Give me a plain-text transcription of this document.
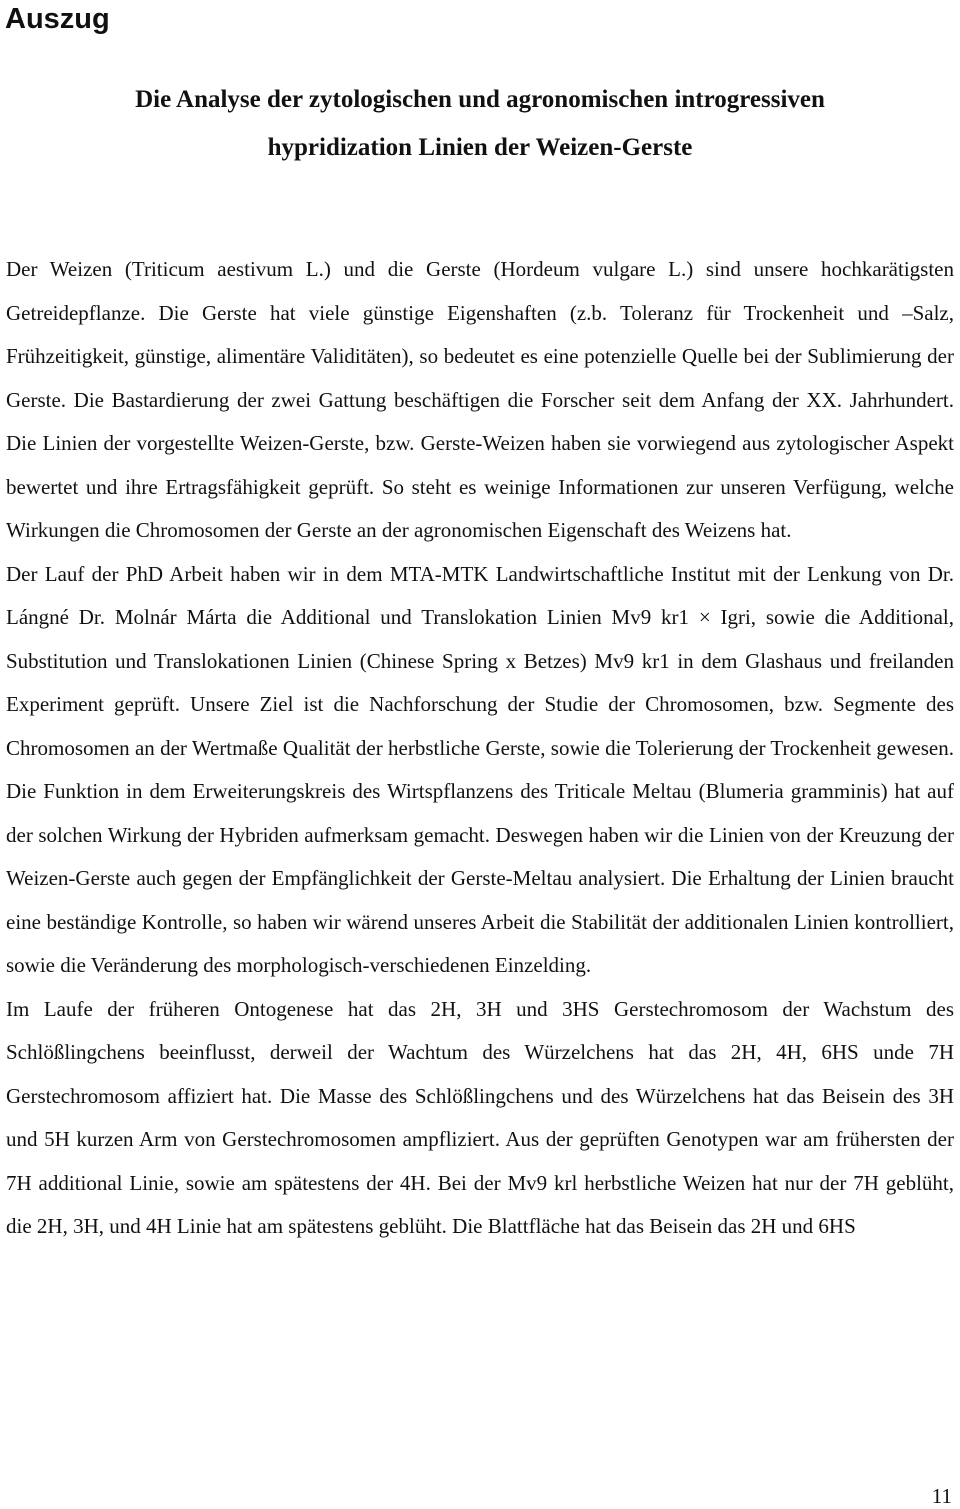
Auszug
Die Analyse der zytologischen und agronomischen introgressiven
hypridization Linien der Weizen-Gerste

Der Weizen (Triticum aestivum L.) und die Gerste (Hordeum vulgare L.) sind unsere hochkarätigsten Getreidepflanze. Die Gerste hat viele günstige Eigenshaften (z.b. Toleranz für Trockenheit und –Salz, Frühzeitigkeit, günstige, alimentäre Validitäten), so bedeutet es eine potenzielle Quelle bei der Sublimierung der Gerste. Die Bastardierung der zwei Gattung beschäftigen die Forscher seit dem Anfang der XX. Jahrhundert. Die Linien der vorgestellte Weizen-Gerste, bzw. Gerste-Weizen haben sie vorwiegend aus zytologischer Aspekt bewertet und ihre Ertragsfähigkeit geprüft. So steht es weinige Informationen zur unseren Verfügung, welche Wirkungen die Chromosomen der Gerste an der agronomischen Eigenschaft des Weizens hat.

Der Lauf der PhD Arbeit haben wir in dem MTA-MTK Landwirtschaftliche Institut mit der Lenkung von Dr. Lángné Dr. Molnár Márta die Additional und Translokation Linien Mv9 kr1 × Igri, sowie die Additional, Substitution und Translokationen Linien (Chinese Spring x Betzes) Mv9 kr1 in dem Glashaus und freilanden Experiment geprüft. Unsere Ziel ist die Nachforschung der Studie der Chromosomen, bzw. Segmente des Chromosomen an der Wertmaße Qualität der herbstliche Gerste, sowie die Tolerierung der Trockenheit gewesen. Die Funktion in dem Erweiterungskreis des Wirtspflanzens des Triticale Meltau (Blumeria gramminis) hat auf der solchen Wirkung der Hybriden aufmerksam gemacht. Deswegen haben wir die Linien von der Kreuzung der Weizen-Gerste auch gegen der Empfänglichkeit der Gerste-Meltau analysiert. Die Erhaltung der Linien braucht eine beständige Kontrolle, so haben wir wärend unseres Arbeit die Stabilität der additionalen Linien kontrolliert, sowie die Veränderung des morphologisch-verschiedenen Einzelding.

Im Laufe der früheren Ontogenese hat das 2H, 3H und 3HS Gerstechromosom der Wachstum des Schlößlingchens beeinflusst, derweil der Wachtum des Würzelchens hat das 2H, 4H, 6HS unde 7H Gerstechromosom affiziert hat. Die Masse des Schlößlingchens und des Würzelchens hat das Beisein des 3H und 5H kurzen Arm von Gerstechromosomen ampfliziert. Aus der geprüften Genotypen war am frühersten der 7H additional Linie, sowie am spätestens der 4H. Bei der Mv9 krl herbstliche Weizen hat nur der 7H geblüht, die 2H, 3H, und 4H Linie hat am spätestens geblüht. Die Blattfläche hat das Beisein das 2H und 6HS

11
